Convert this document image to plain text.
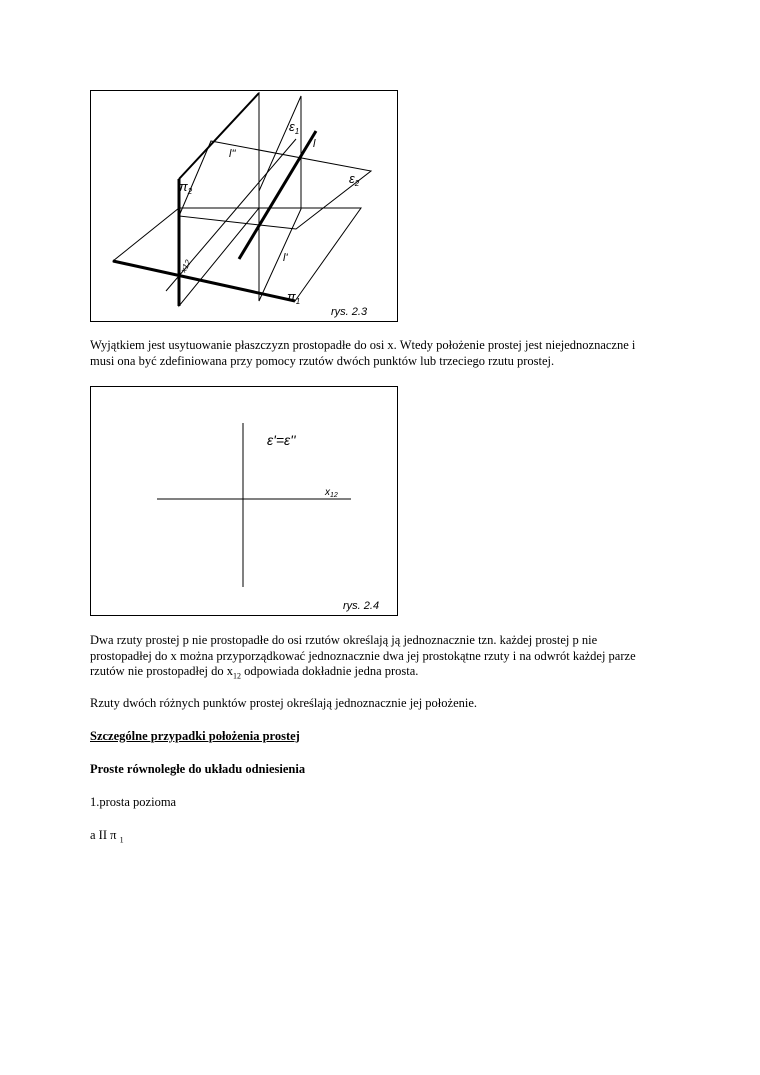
$\pi_2$
$\pi_1$
$\varepsilon_1$
$\varepsilon_2$
l
l''
l'
x12
rys. 2.3

Wyjątkiem jest usytuowanie płaszczyzn prostopadłe do osi x. Wtedy położenie prostej jest niejednoznaczne i musi ona być zdefiniowana przy pomocy rzutów dwóch punktów lub trzeciego rzutu prostej.

ε'=ε''
$x_{12}$
rys. 2.4

Dwa rzuty prostej p nie prostopadłe do osi rzutów określają ją jednoznacznie tzn. każdej prostej p nie prostopadłej do x można przyporządkować jednoznacznie dwa jej prostokątne rzuty i na odwrót każdej parze rzutów nie prostopadłej do $x_{12}$ odpowiada dokładnie jedna prosta.

Rzuty dwóch różnych punktów prostej określają jednoznacznie jej położenie.

Szczególne przypadki położenia prostej

Proste równoległe do układu odniesienia

1.prosta pozioma

a II π $_1$
